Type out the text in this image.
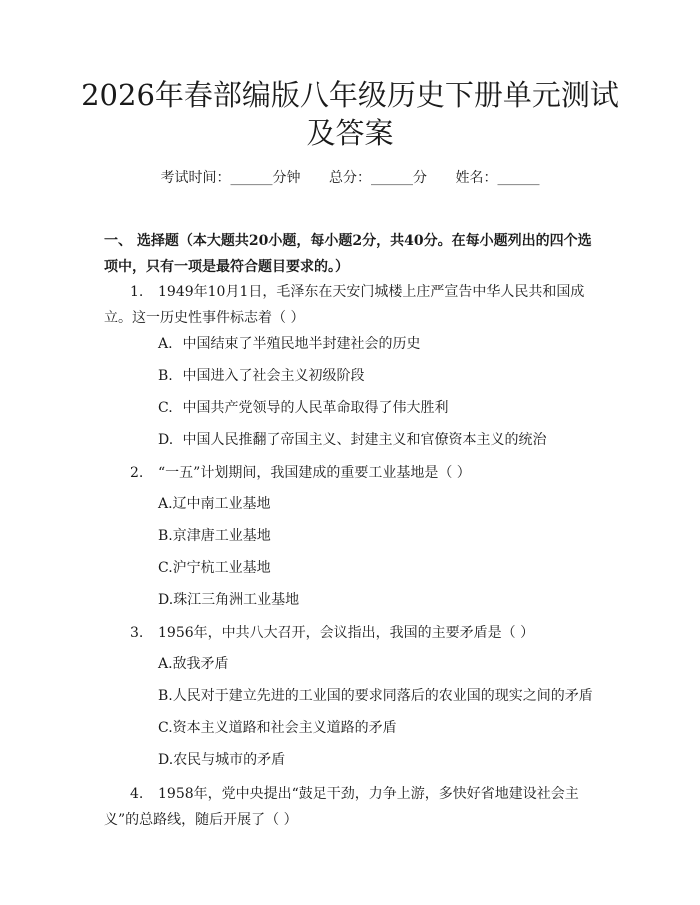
2026年春部编版八年级历史下册单元测试及答案
考试时间：______分钟 总分：______分 姓名：______
一、 选择题（本大题共20小题，每小题2分，共40分。在每小题列出的四个选项中，只有一项是最符合题目要求的。）
1. 1949年10月1日，毛泽东在天安门城楼上庄严宣告中华人民共和国成立。这一历史性事件标志着（ ）
A. 中国结束了半殖民地半封建社会的历史
B. 中国进入了社会主义初级阶段
C. 中国共产党领导的人民革命取得了伟大胜利
D. 中国人民推翻了帝国主义、封建主义和官僚资本主义的统治
2. “一五”计划期间，我国建成的重要工业基地是（ ）
A.辽中南工业基地
B.京津唐工业基地
C.沪宁杭工业基地
D.珠江三角洲工业基地
3. 1956年，中共八大召开，会议指出，我国的主要矛盾是（ ）
A.敌我矛盾
B.人民对于建立先进的工业国的要求同落后的农业国的现实之间的矛盾
C.资本主义道路和社会主义道路的矛盾
D.农民与城市的矛盾
4. 1958年，党中央提出“鼓足干劲，力争上游，多快好省地建设社会主义”的总路线，随后开展了（ ）
